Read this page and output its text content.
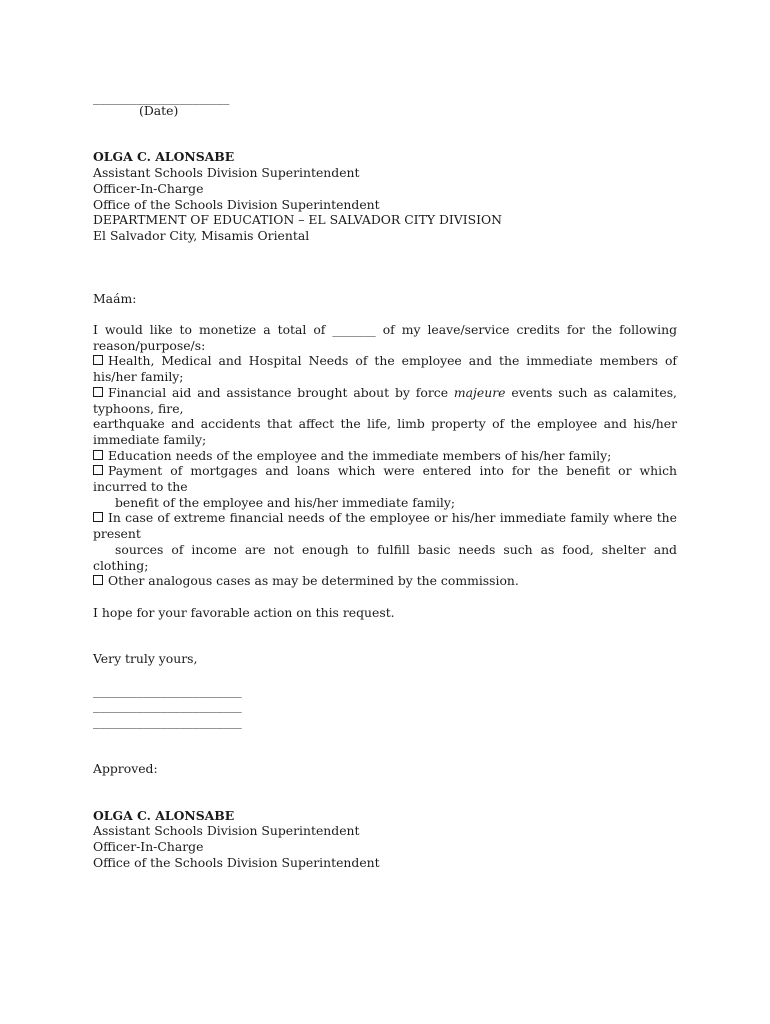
______________________
(Date)
OLGA C. ALONSABE
Assistant Schools Division Superintendent
Officer-In-Charge
Office of the Schools Division Superintendent
DEPARTMENT OF EDUCATION – EL SALVADOR CITY DIVISION
El Salvador City, Misamis Oriental
Maám:
I would like to monetize a total of _______ of my leave/service credits for the following reason/purpose/s:
Health, Medical and Hospital Needs of the employee and the immediate members of his/her family;
Financial aid and assistance brought about by force majeure events such as calamites, typhoons, fire,
earthquake and accidents that affect the life, limb property of the employee and his/her immediate family;
Education needs of the employee and the immediate members of his/her family;
Payment of mortgages and loans which were entered into for the benefit or which incurred to the
benefit of the employee and his/her immediate family;
In case of extreme financial needs of the employee or his/her immediate family where the present
sources of income are not enough to fulfill basic needs such as food, shelter and clothing;
Other analogous cases as may be determined by the commission.
I hope for your favorable action on this request.
Very truly yours,
________________________
________________________
________________________
Approved:
OLGA C. ALONSABE
Assistant Schools Division Superintendent
Officer-In-Charge
Office of the Schools Division Superintendent
